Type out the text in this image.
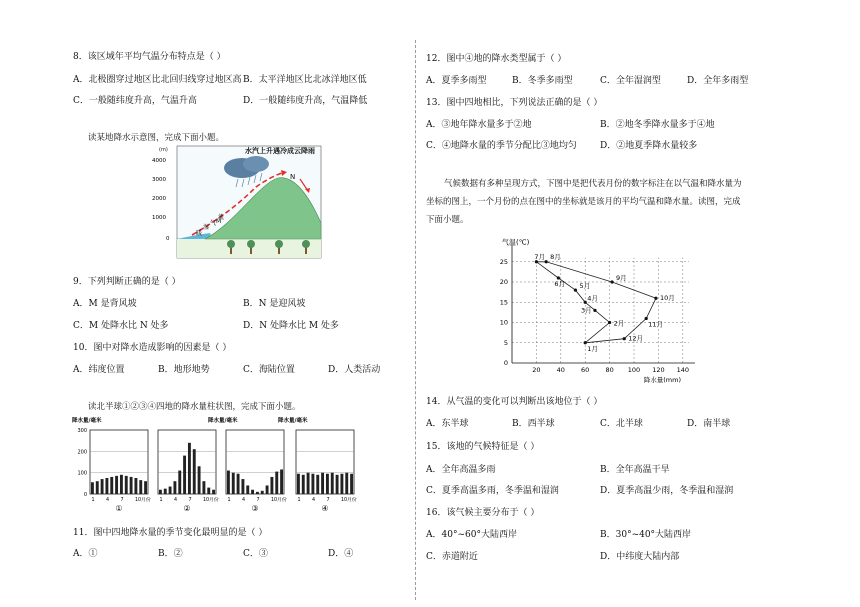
8．该区域年平均气温分布特点是（ ）
A．北极圈穿过地区比北回归线穿过地区高 B．太平洋地区比北冰洋地区低
C．一般随纬度升高，气温升高	D．一般随纬度升高，气温降低
读某地降水示意图，完成下面小题。
水汽上升遇冷成云降雨
(m)
4000
3000
2000
1000
0
N
M
暖
湿
气
流
9．下列判断正确的是（ ）
A．M 是背风坡	B．N 是迎风坡
C．M 处降水比 N 处多	D．N 处降水比 M 处多
10．图中对降水造成影响的因素是（ ）
A．纬度位置	B．地形地势	C．海陆位置	D．人类活动
读北半球①②③④四地的降水量柱状图，完成下面小题。
降水量/毫米
300
200
100
0
1 4 7 10月份
①
1 4 7 10月份
②
降水量/毫米
1 4 7 10月份
③
降水量/毫米
1 4 7 10月份
④
11．图中四地降水量的季节变化最明显的是（ ）
A．①	B．②	C．③	D．④
12．图中④地的降水类型属于（ ）
A．夏季多雨型	B．冬季多雨型	C．全年湿润型	D．全年多雨型
13．图中四地相比，下列说法正确的是（ ）
A．③地年降水量多于②地	B．②地冬季降水量多于④地
C．④地降水量的季节分配比③地均匀	D．②地夏季降水量较多
气候数据有多种呈现方式，下图中是把代表月份的数字标注在以气温和降水量为
坐标的图上，一个月份的点在图中的坐标就是该月的平均气温和降水量。读图，完成
下面小题。
气温(℃)
降水量(mm)
25
20
15
10
5
0
20 40 60 80 100 120 140
1月
2月
3月
4月
5月
6月
7月 8月
9月
10月
11月
12月
14．从气温的变化可以判断出该地位于（ ）
A．东半球	B．西半球	C．北半球	D．南半球
15．该地的气候特征是（ ）
A．全年高温多雨	B．全年高温干旱
C．夏季高温多雨，冬季温和湿润	D．夏季高温少雨，冬季温和湿润
16．该气候主要分布于（ ）
A．40°~60°大陆西岸	B．30°~40°大陆西岸
C．赤道附近	D．中纬度大陆内部
